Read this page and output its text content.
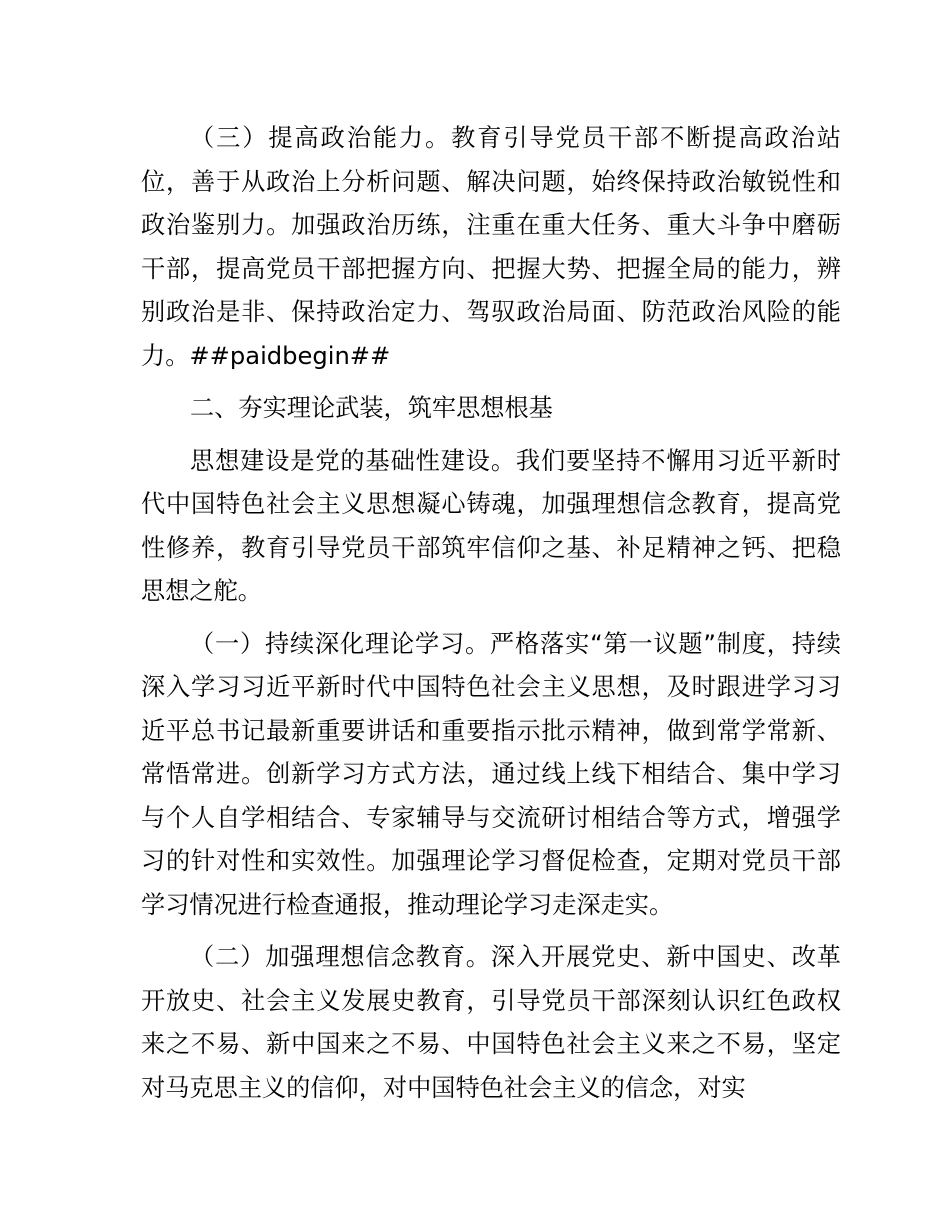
（三）提高政治能力。教育引导党员干部不断提高政治站位，善于从政治上分析问题、解决问题，始终保持政治敏锐性和政治鉴别力。加强政治历练，注重在重大任务、重大斗争中磨砺干部，提高党员干部把握方向、把握大势、把握全局的能力，辨别政治是非、保持政治定力、驾驭政治局面、防范政治风险的能力。##paidbegin##

二、夯实理论武装，筑牢思想根基

思想建设是党的基础性建设。我们要坚持不懈用习近平新时代中国特色社会主义思想凝心铸魂，加强理想信念教育，提高党性修养，教育引导党员干部筑牢信仰之基、补足精神之钙、把稳思想之舵。

（一）持续深化理论学习。严格落实“第一议题”制度，持续深入学习习近平新时代中国特色社会主义思想，及时跟进学习习近平总书记最新重要讲话和重要指示批示精神，做到常学常新、常悟常进。创新学习方式方法，通过线上线下相结合、集中学习与个人自学相结合、专家辅导与交流研讨相结合等方式，增强学习的针对性和实效性。加强理论学习督促检查，定期对党员干部学习情况进行检查通报，推动理论学习走深走实。

（二）加强理想信念教育。深入开展党史、新中国史、改革开放史、社会主义发展史教育，引导党员干部深刻认识红色政权来之不易、新中国来之不易、中国特色社会主义来之不易，坚定对马克思主义的信仰，对中国特色社会主义的信念，对实
